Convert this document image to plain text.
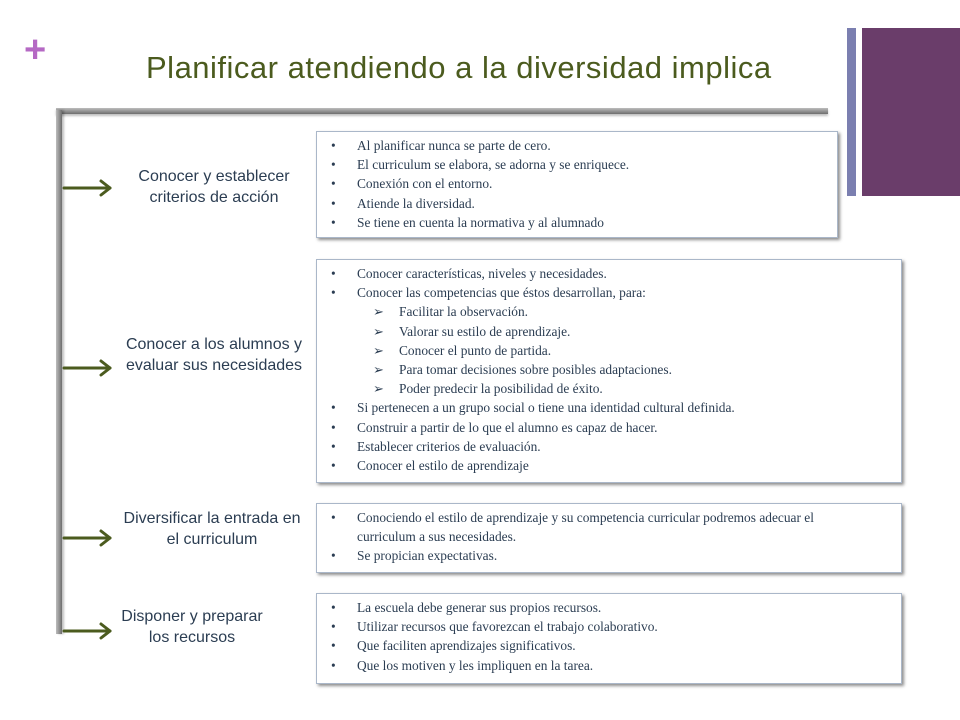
+	Planificar atendiendo a la diversidad implica
Conocer y establecer criterios de acción
• Al planificar nunca se parte de cero.
• El curriculum se elabora, se adorna y se enriquece.
• Conexión con el entorno.
• Atiende la diversidad.
• Se tiene en cuenta la normativa y al alumnado
Conocer a los alumnos y evaluar sus necesidades
• Conocer características, niveles y necesidades.
• Conocer las competencias que éstos desarrollan, para:
➢ Facilitar la observación.
➢ Valorar su estilo de aprendizaje.
➢ Conocer el punto de partida.
➢ Para tomar decisiones sobre posibles adaptaciones.
➢ Poder predecir la posibilidad de éxito.
• Si pertenecen a un grupo social o tiene una identidad cultural definida.
• Construir a partir de lo que el alumno es capaz de hacer.
• Establecer criterios de evaluación.
• Conocer el estilo de aprendizaje
Diversificar la entrada en el curriculum
• Conociendo el estilo de aprendizaje y su competencia curricular podremos adecuar el curriculum a sus necesidades.
• Se propician expectativas.
Disponer y preparar los recursos
• La escuela debe generar sus propios recursos.
• Utilizar recursos que favorezcan el trabajo colaborativo.
• Que faciliten aprendizajes significativos.
• Que los motiven y les impliquen en la tarea.
